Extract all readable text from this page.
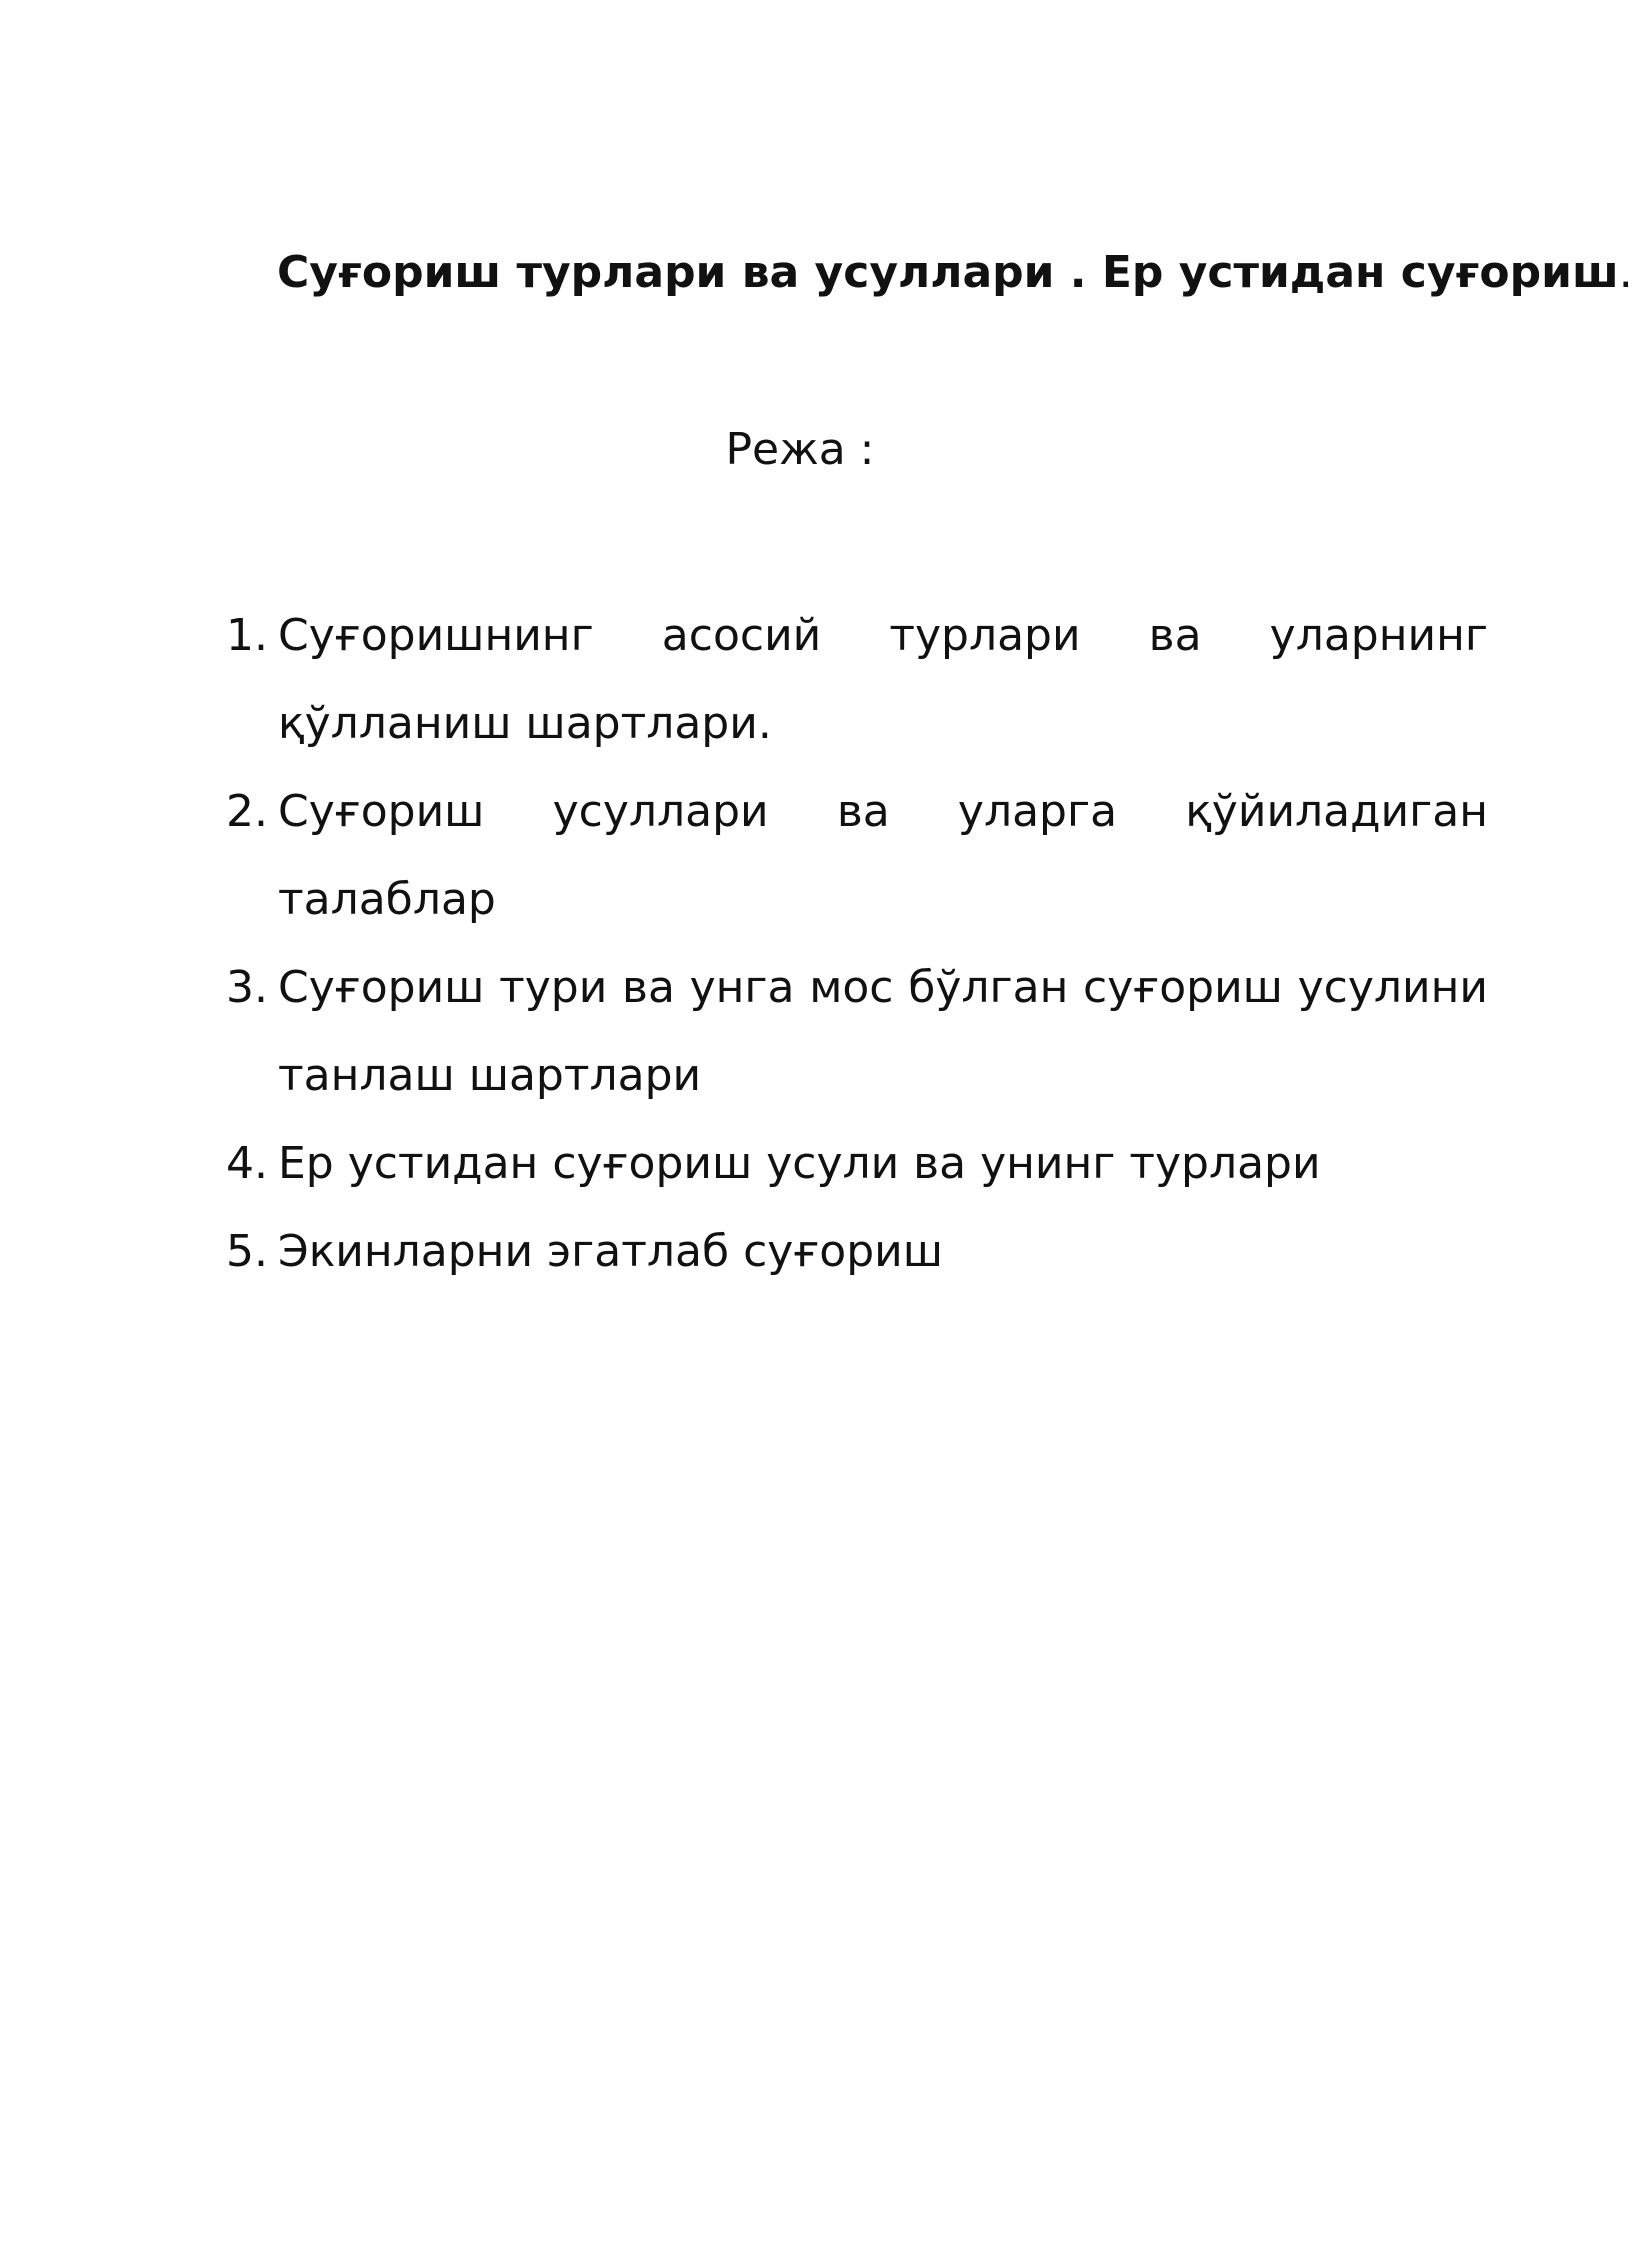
Суғориш турлари ва усуллари . Ер устидан суғориш.
Режа :
1. Суғоришнинг асосий турлари ва уларнинг қўлланиш шартлари.
2. Суғориш усуллари ва уларга қўйиладиган талаблар
3. Суғориш тури ва унга мос бўлган суғориш усулини танлаш шартлари
4. Ер устидан суғориш усули ва унинг турлари
5. Экинларни эгатлаб суғориш
